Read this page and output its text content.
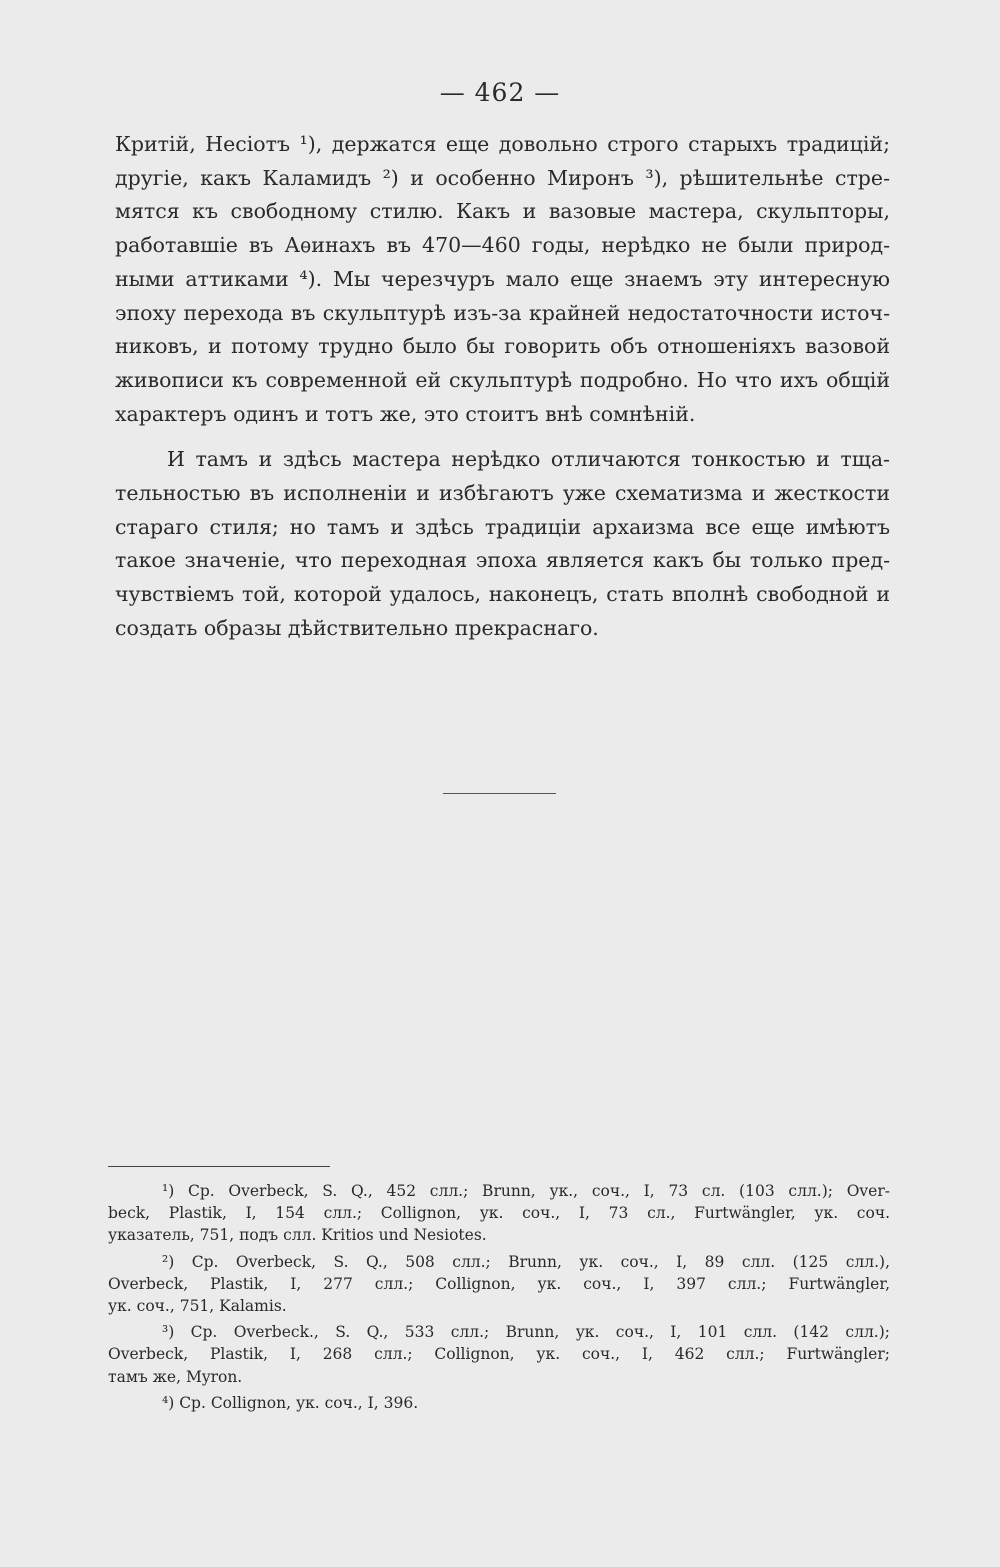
— 462 —

Критій, Несіотъ ¹), держатся еще довольно строго старыхъ традицій;
другіе, какъ Каламидъ ²) и особенно Миронъ ³), рѣшительнѣе стре-
мятся къ свободному стилю. Какъ и вазовые мастера, скульпторы,
работавшіе въ Аѳинахъ въ 470—460 годы, нерѣдко не были природ-
ными аттиками ⁴). Мы черезчуръ мало еще знаемъ эту интересную
эпоху перехода въ скульптурѣ изъ-за крайней недостаточности источ-
никовъ, и потому трудно было бы говорить объ отношеніяхъ вазовой
живописи къ современной ей скульптурѣ подробно. Но что ихъ общій
характеръ одинъ и тотъ же, это стоитъ внѣ сомнѣній.

И тамъ и здѣсь мастера нерѣдко отличаются тонкостью и тща-
тельностью въ исполненіи и избѣгаютъ уже схематизма и жесткости
стараго стиля; но тамъ и здѣсь традиціи архаизма все еще имѣютъ
такое значеніе, что переходная эпоха является какъ бы только пред-
чувствіемъ той, которой удалось, наконецъ, стать вполнѣ свободной и
создать образы дѣйствительно прекраснаго.

¹) Ср. Overbeck, S. Q., 452 слл.; Brunn, ук., соч., I, 73 сл. (103 слл.); Over-
beck, Plastik, I, 154 слл.; Collignon, ук. соч., I, 73 сл., Furtwängler, ук. соч.
указатель, 751, подъ слл. Kritios und Nesiotes.
²) Ср. Overbeck, S. Q., 508 слл.; Brunn, ук. соч., I, 89 слл. (125 слл.),
Overbeck, Plastik, I, 277 слл.; Collignon, ук. соч., I, 397 слл.; Furtwängler,
ук. соч., 751, Kalamis.
³) Ср. Overbeck., S. Q., 533 слл.; Brunn, ук. соч., I, 101 слл. (142 слл.);
Overbeck, Plastik, I, 268 слл.; Collignon, ук. соч., I, 462 слл.; Furtwängler;
тамъ же, Myron.
⁴) Ср. Collignon, ук. соч., I, 396.
